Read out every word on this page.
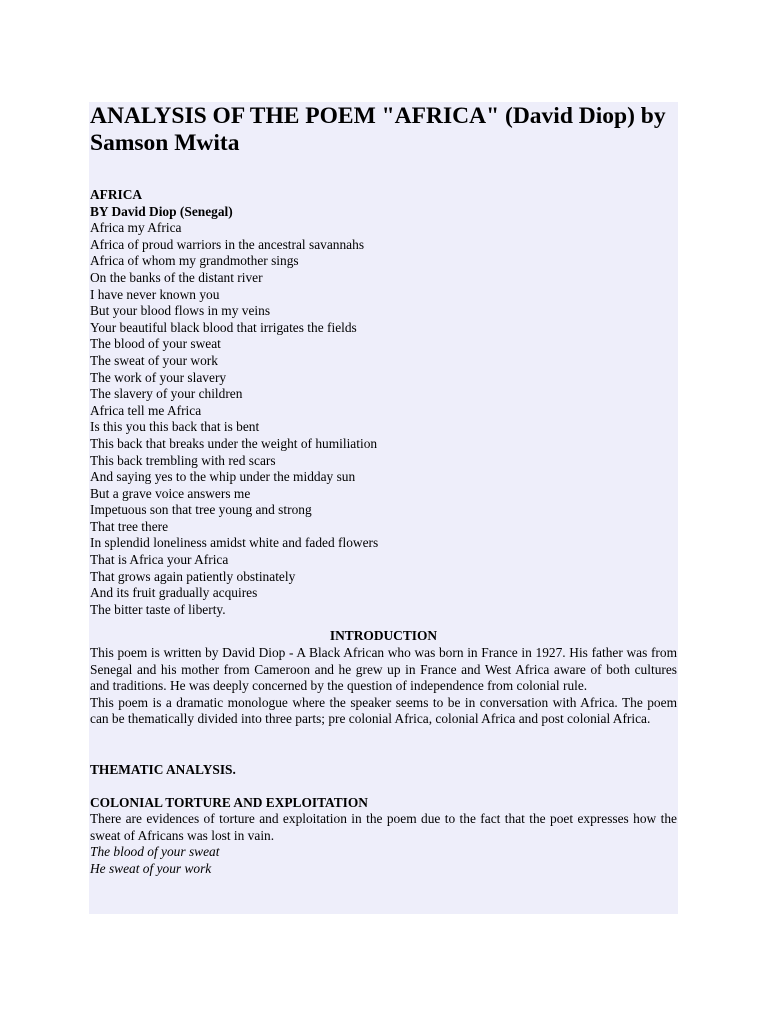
ANALYSIS OF THE POEM "AFRICA" (David Diop) by Samson Mwita
AFRICA
BY David Diop (Senegal)
Africa my Africa
Africa of proud warriors in the ancestral savannahs
Africa of whom my grandmother sings
On the banks of the distant river
I have never known you
But your blood flows in my veins
Your beautiful black blood that irrigates the fields
The blood of your sweat
The sweat of your work
The work of your slavery
The slavery of your children
Africa tell me Africa
Is this you this back that is bent
This back that breaks under the weight of humiliation
This back trembling with red scars
And saying yes to the whip under the midday sun
But a grave voice answers me
Impetuous son that tree young and strong
That tree there
In splendid loneliness amidst white and faded flowers
That is Africa your Africa
That grows again patiently obstinately
And its fruit gradually acquires
The bitter taste of liberty.
INTRODUCTION
This poem is written by David Diop - A Black African who was born in France in 1927. His father was from Senegal and his mother from Cameroon and he grew up in France and West Africa aware of both cultures and traditions. He was deeply concerned by the question of independence from colonial rule.
This poem is a dramatic monologue where the speaker seems to be in conversation with Africa. The poem can be thematically divided into three parts; pre colonial Africa, colonial Africa and post colonial Africa.
THEMATIC ANALYSIS.
COLONIAL TORTURE AND EXPLOITATION
There are evidences of torture and exploitation in the poem due to the fact that the poet expresses how the sweat of Africans was lost in vain.
The blood of your sweat
He sweat of your work
